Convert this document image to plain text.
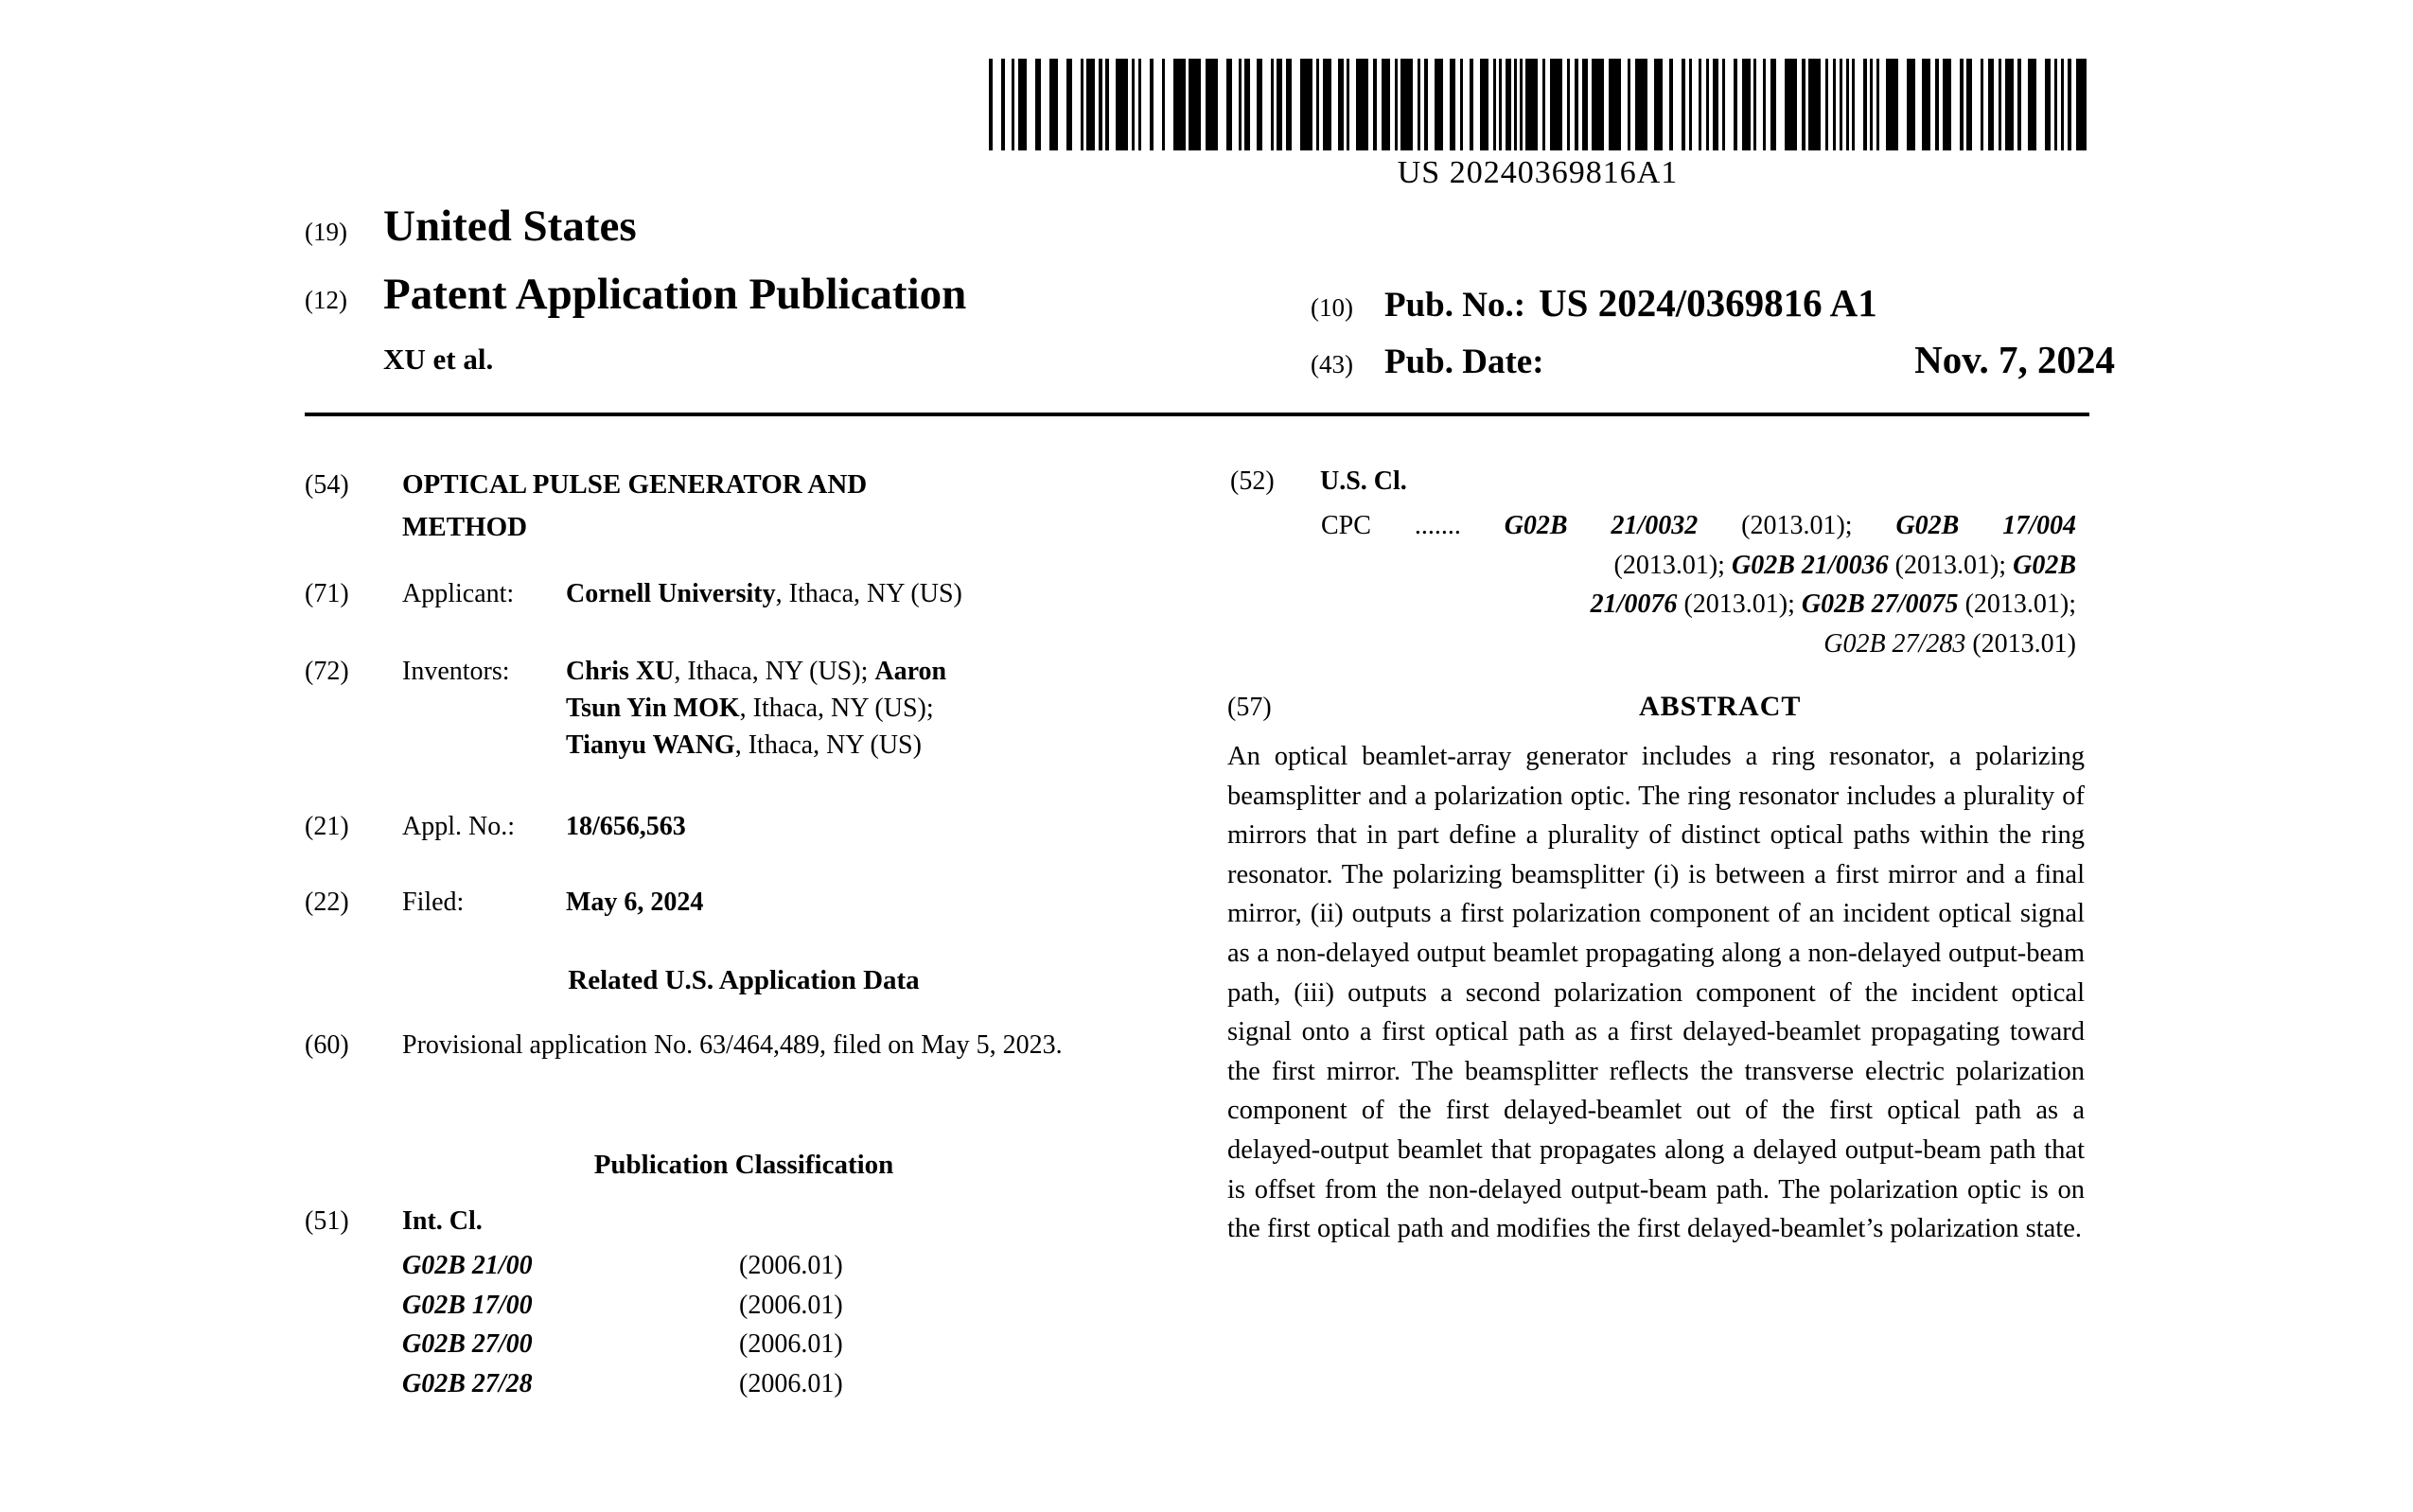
US 20240369816A1
(19) United States
(12) Patent Application Publication
XU et al.
(10) Pub. No.: US 2024/0369816 A1
(43) Pub. Date:	Nov. 7, 2024
(54)	OPTICAL PULSE GENERATOR AND METHOD
(71)	Applicant:	Cornell University, Ithaca, NY (US)
(72)	Inventors:	Chris XU, Ithaca, NY (US); Aaron
Tsun Yin MOK, Ithaca, NY (US);
Tianyu WANG, Ithaca, NY (US)
(21)	Appl. No.:	18/656,563
(22)	Filed:	May 6, 2024
Related U.S. Application Data
(60)	Provisional application No. 63/464,489, filed on May 5, 2023.
Publication Classification
(51)	Int. Cl.
G02B 21/00	(2006.01)
G02B 17/00	(2006.01)
G02B 27/00	(2006.01)
G02B 27/28	(2006.01)
(52)	U.S. Cl.
CPC ....... G02B 21/0032 (2013.01); G02B 17/004
(2013.01); G02B 21/0036 (2013.01); G02B
21/0076 (2013.01); G02B 27/0075 (2013.01);
G02B 27/283 (2013.01)
(57)	ABSTRACT
An optical beamlet-array generator includes a ring resonator, a polarizing beamsplitter and a polarization optic. The ring resonator includes a plurality of mirrors that in part define a plurality of distinct optical paths within the ring resonator. The polarizing beamsplitter (i) is between a first mirror and a final mirror, (ii) outputs a first polarization component of an incident optical signal as a non-delayed output beamlet propagating along a non-delayed output-beam path, (iii) outputs a second polarization component of the incident optical signal onto a first optical path as a first delayed-beamlet propagating toward the first mirror. The beamsplitter reflects the transverse electric polarization component of the first delayed-beamlet out of the first optical path as a delayed-output beamlet that propagates along a delayed output-beam path that is offset from the non-delayed output-beam path. The polarization optic is on the first optical path and modifies the first delayed-beamlet’s polarization state.
